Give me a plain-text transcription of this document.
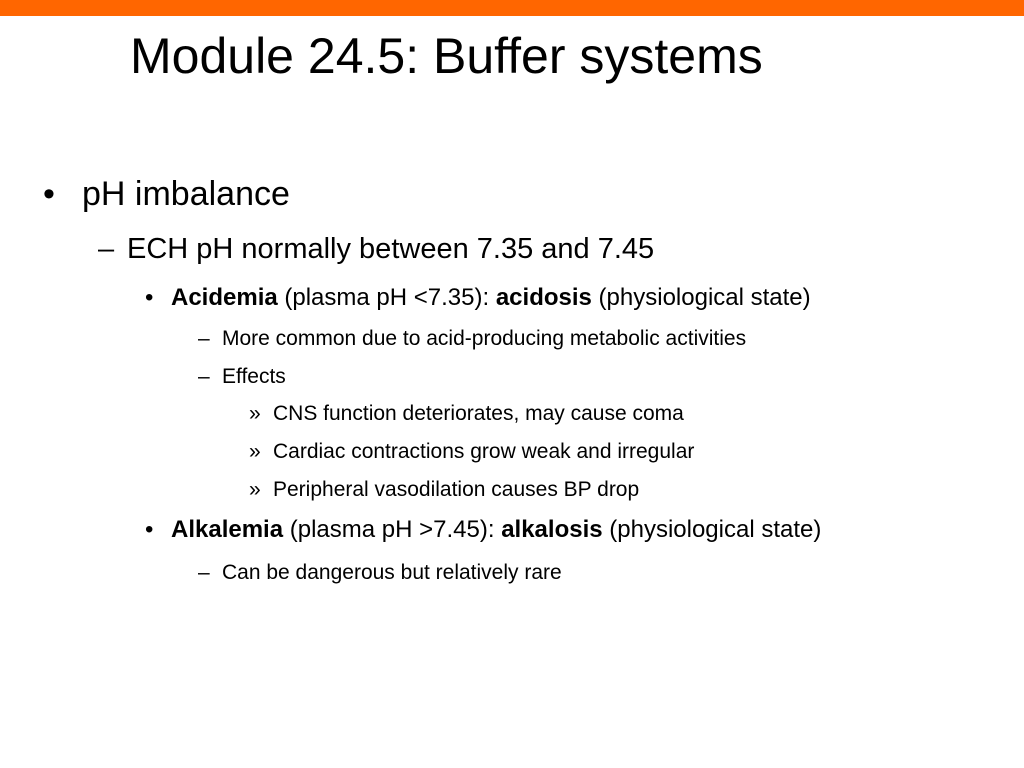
Module 24.5: Buffer systems
• pH imbalance
– ECH pH normally between 7.35 and 7.45
• Acidemia (plasma pH <7.35): acidosis (physiological state)
– More common due to acid-producing metabolic activities
– Effects
» CNS function deteriorates, may cause coma
» Cardiac contractions grow weak and irregular
» Peripheral vasodilation causes BP drop
• Alkalemia (plasma pH >7.45): alkalosis (physiological state)
– Can be dangerous but relatively rare
